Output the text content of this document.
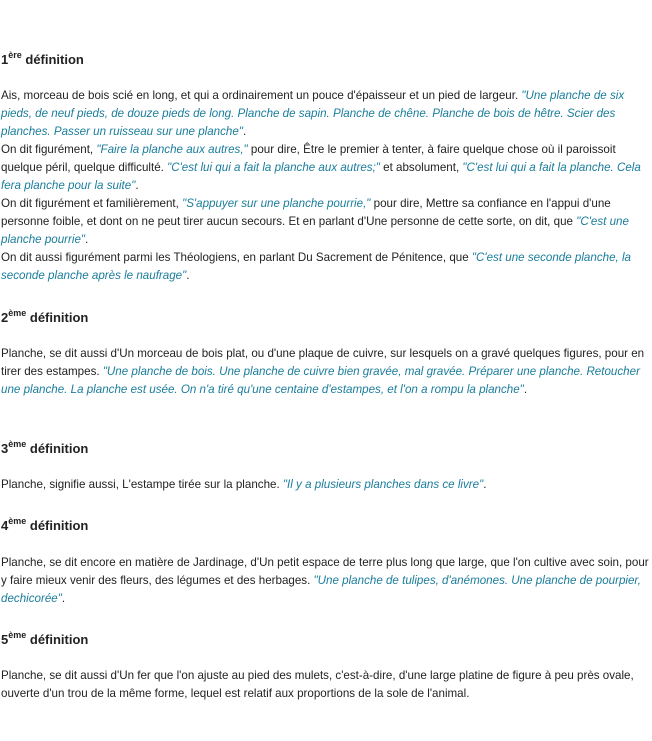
1ère définition

Ais, morceau de bois scié en long, et qui a ordinairement un pouce d'épaisseur et un pied de largeur. "Une planche de six pieds, de neuf pieds, de douze pieds de long. Planche de sapin. Planche de chêne. Planche de bois de hêtre. Scier des planches. Passer un ruisseau sur une planche".

On dit figurément, "Faire la planche aux autres," pour dire, Être le premier à tenter, à faire quelque chose où il paroissoit quelque péril, quelque difficulté. "C'est lui qui a fait la planche aux autres;" et absolument, "C'est lui qui a fait la planche. Cela fera planche pour la suite".

On dit figurément et familièrement, "S'appuyer sur une planche pourrie," pour dire, Mettre sa confiance en l'appui d'une personne foible, et dont on ne peut tirer aucun secours. Et en parlant d'Une personne de cette sorte, on dit, que "C'est une planche pourrie".

On dit aussi figurément parmi les Théologiens, en parlant Du Sacrement de Pénitence, que "C'est une seconde planche, la seconde planche après le naufrage".

2ème définition

Planche, se dit aussi d'Un morceau de bois plat, ou d'une plaque de cuivre, sur lesquels on a gravé quelques figures, pour en tirer des estampes. "Une planche de bois. Une planche de cuivre bien gravée, mal gravée. Préparer une planche. Retoucher une planche. La planche est usée. On n'a tiré qu'une centaine d'estampes, et l'on a rompu la planche".

3ème définition

Planche, signifie aussi, L'estampe tirée sur la planche. "Il y a plusieurs planches dans ce livre".

4ème définition

Planche, se dit encore en matière de Jardinage, d'Un petit espace de terre plus long que large, que l'on cultive avec soin, pour y faire mieux venir des fleurs, des légumes et des herbages. "Une planche de tulipes, d'anémones. Une planche de pourpier, dechicorée".

5ème définition

Planche, se dit aussi d'Un fer que l'on ajuste au pied des mulets, c'est-à-dire, d'une large platine de figure à peu près ovale, ouverte d'un trou de la même forme, lequel est relatif aux proportions de la sole de l'animal.
